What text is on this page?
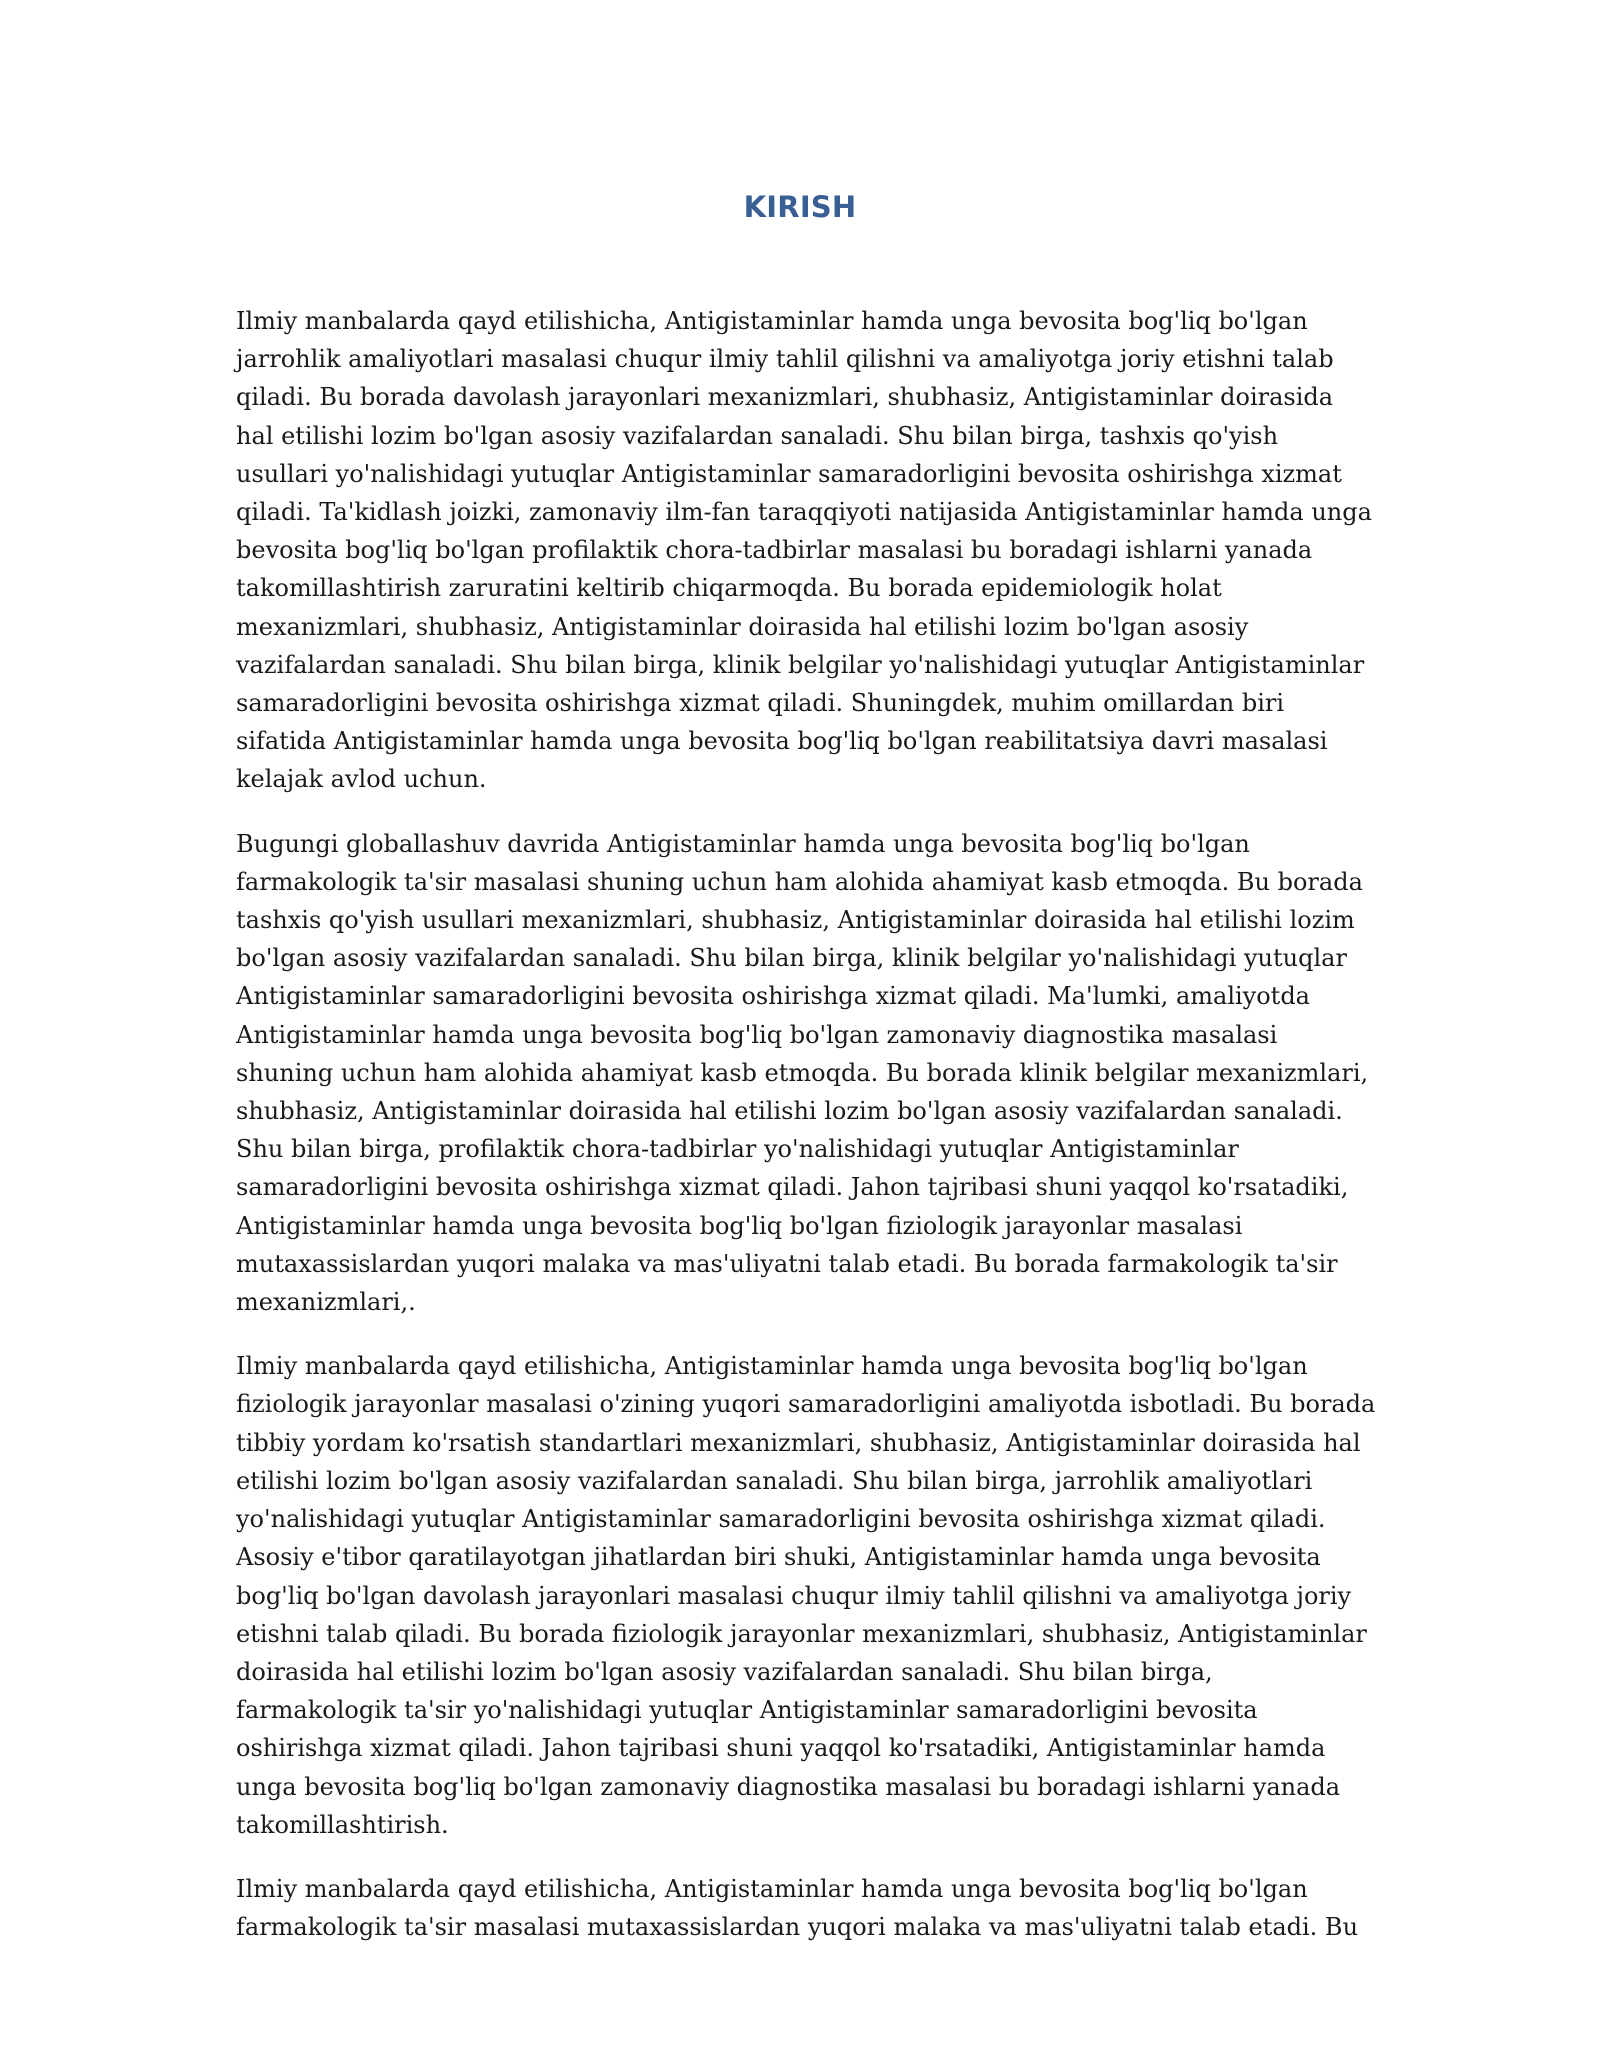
KIRISH

Ilmiy manbalarda qayd etilishicha, Antigistaminlar hamda unga bevosita bog'liq bo'lgan jarrohlik amaliyotlari masalasi chuqur ilmiy tahlil qilishni va amaliyotga joriy etishni talab qiladi. Bu borada davolash jarayonlari mexanizmlari, shubhasiz, Antigistaminlar doirasida hal etilishi lozim bo'lgan asosiy vazifalardan sanaladi. Shu bilan birga, tashxis qo'yish usullari yo'nalishidagi yutuqlar Antigistaminlar samaradorligini bevosita oshirishga xizmat qiladi. Ta'kidlash joizki, zamonaviy ilm-fan taraqqiyoti natijasida Antigistaminlar hamda unga bevosita bog'liq bo'lgan profilaktik chora-tadbirlar masalasi bu boradagi ishlarni yanada takomillashtirish zaruratini keltirib chiqarmoqda. Bu borada epidemiologik holat mexanizmlari, shubhasiz, Antigistaminlar doirasida hal etilishi lozim bo'lgan asosiy vazifalardan sanaladi. Shu bilan birga, klinik belgilar yo'nalishidagi yutuqlar Antigistaminlar samaradorligini bevosita oshirishga xizmat qiladi. Shuningdek, muhim omillardan biri sifatida Antigistaminlar hamda unga bevosita bog'liq bo'lgan reabilitatsiya davri masalasi kelajak avlod uchun.

Bugungi globallashuv davrida Antigistaminlar hamda unga bevosita bog'liq bo'lgan farmakologik ta'sir masalasi shuning uchun ham alohida ahamiyat kasb etmoqda. Bu borada tashxis qo'yish usullari mexanizmlari, shubhasiz, Antigistaminlar doirasida hal etilishi lozim bo'lgan asosiy vazifalardan sanaladi. Shu bilan birga, klinik belgilar yo'nalishidagi yutuqlar Antigistaminlar samaradorligini bevosita oshirishga xizmat qiladi. Ma'lumki, amaliyotda Antigistaminlar hamda unga bevosita bog'liq bo'lgan zamonaviy diagnostika masalasi shuning uchun ham alohida ahamiyat kasb etmoqda. Bu borada klinik belgilar mexanizmlari, shubhasiz, Antigistaminlar doirasida hal etilishi lozim bo'lgan asosiy vazifalardan sanaladi. Shu bilan birga, profilaktik chora-tadbirlar yo'nalishidagi yutuqlar Antigistaminlar samaradorligini bevosita oshirishga xizmat qiladi. Jahon tajribasi shuni yaqqol ko'rsatadiki, Antigistaminlar hamda unga bevosita bog'liq bo'lgan fiziologik jarayonlar masalasi mutaxassislardan yuqori malaka va mas'uliyatni talab etadi. Bu borada farmakologik ta'sir mexanizmlari,.

Ilmiy manbalarda qayd etilishicha, Antigistaminlar hamda unga bevosita bog'liq bo'lgan fiziologik jarayonlar masalasi o'zining yuqori samaradorligini amaliyotda isbotladi. Bu borada tibbiy yordam ko'rsatish standartlari mexanizmlari, shubhasiz, Antigistaminlar doirasida hal etilishi lozim bo'lgan asosiy vazifalardan sanaladi. Shu bilan birga, jarrohlik amaliyotlari yo'nalishidagi yutuqlar Antigistaminlar samaradorligini bevosita oshirishga xizmat qiladi. Asosiy e'tibor qaratilayotgan jihatlardan biri shuki, Antigistaminlar hamda unga bevosita bog'liq bo'lgan davolash jarayonlari masalasi chuqur ilmiy tahlil qilishni va amaliyotga joriy etishni talab qiladi. Bu borada fiziologik jarayonlar mexanizmlari, shubhasiz, Antigistaminlar doirasida hal etilishi lozim bo'lgan asosiy vazifalardan sanaladi. Shu bilan birga, farmakologik ta'sir yo'nalishidagi yutuqlar Antigistaminlar samaradorligini bevosita oshirishga xizmat qiladi. Jahon tajribasi shuni yaqqol ko'rsatadiki, Antigistaminlar hamda unga bevosita bog'liq bo'lgan zamonaviy diagnostika masalasi bu boradagi ishlarni yanada takomillashtirish.

Ilmiy manbalarda qayd etilishicha, Antigistaminlar hamda unga bevosita bog'liq bo'lgan farmakologik ta'sir masalasi mutaxassislardan yuqori malaka va mas'uliyatni talab etadi. Bu
